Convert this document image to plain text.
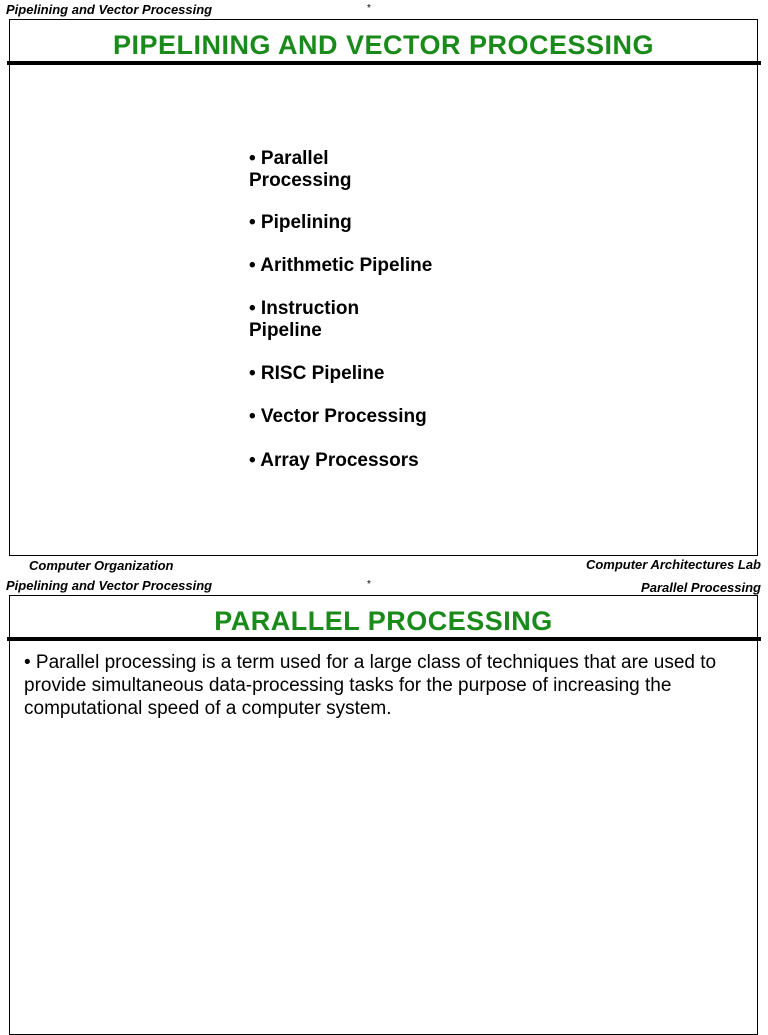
Pipelining and Vector Processing	*
PIPELINING AND VECTOR PROCESSING

• Parallel Processing

• Pipelining

• Arithmetic Pipeline

• Instruction Pipeline

• RISC Pipeline

• Vector Processing

• Array Processors

Computer Organization	Computer Architectures Lab
Pipelining and Vector Processing	*	Parallel Processing
PARALLEL PROCESSING
• Parallel processing is a term used for a large class of techniques that are used to provide simultaneous data-processing tasks for the purpose of increasing the computational speed of a computer system.
